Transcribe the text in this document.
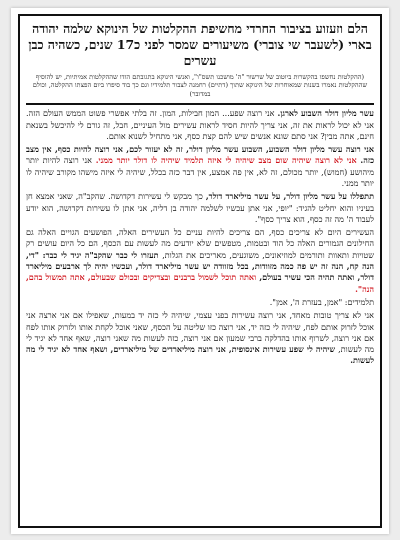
הלם וזעזוע בציבור החרדי מחשיפת ההקלטות של הינוקא שלמה יהודה בארי (לשעבר שי צוברי) משיעורים שמסר לפני כ17 שנים, כשהיה כבן עשרים
(ההקלטות נחשפו בהקשרות ביוטוב של שרשור "ה' מושכנו תשס"ו", ואנשי הינוקא בתגובתם הודו שההקלטות אמיתיות, יש להוסיף שההקלטות נאמרו בשנות שמאוחרות של הינוקא שתוך (דתיים) רחמנה לצבור תלמידיו וגם כך בוד סיפרו ביום הפצתו ההקלטה, וכולם במדובר)

עשר מליון דולר השבוע לארגן. אני רוצה שפע... המון חבילות, המון. זה בלתי אפשרי פשוט הממש העולם הזה. אני לא יכול לראות את זה, אני צריך להיות חסיד לראות עשירים מול העיניים, חבל, זה גורם לי להיכשל בשנאת חינם, אתה מבין? אני סתם שונא אנשים שיש להם קצת כסף, אני מתחיל לשנוא אותם.

אני רוצה עשר מליון דולר השבוע, השבוע עשר מליון דולר, זה לא יעזור לכם, אני רוצה להיות כסף, אין מצב כזה. אני לא רוצה שיהיה שום מצב שיהיה לי איזה תלמיד שיהיה לו דולר יותר ממני. אני רוצה להיות יותר מיהושע (חמוש), יותר מכולם, זה לא, אין פה אמצע, אין דבר כזה בכלל, שיהיה לי איזה מישהו מקורב שיהיה לו יותר ממני.

תתפללו על עשר מליון דולר, על עשר מיליארד דולר, כך מבקש לי עשירות דקדושה. שהקב"ה, שאני אמצא חן בעיניו והוא יחליט להגיד: "יופי, אני אתן עכשיו לשלמה יהודה בן דליה, אני אתן לו עשירות דקדושה, הוא יודע לעבוד ה' מה זה כסף, הוא צריך כסף".

העשירים היום לא צריכים כסף, הם צריכים להיות עניים כל העשירים האלה, הפושעים הגויים האלה גם החילונים הגמורים האלה כל הוד ובטמות, מטפשים שלא יודעים מה לעשות עם הכסף, הם כל היום עושים רק שטויות ותאוות ותורמים למוזיאונים, משוגעים, מאריכים את הגלות, תעזרו לי כבר שהקב"ה יגיד לי כבר: "די, הנה קח, הנה זה יש פה כמה מזוודות, בכל מזוודה יש עשר מיליארד דולר, ועכשיו יהיה לך ארבעים מיליארד דולר, ואתה תהיה הכי עשיר בעולם, ואתה תוכל לשמול ברבנים ובצדיקים ובכולם שבעולם, אתה תמשול בהם, הנה".

תלמידים: "אמן, בעזרת ה', אמן".

אני לא צריך טובות מאחד, אני רוצה עשירות בפני עצמי, שיהיה לי כזה יד במעות, שאפילו אם אני ארצה אני אוכל לזרוק אותם לפח, שיהיה לי כזה יד, אני רוצה כזו שליטה על הכסף, שאני אוכל לקחת אותו ולזרוק אותו לפח אם אני רוצה, לשרוף אותו בהדלקה ברבי שמעון אם אני רוצה, כזה לעשות מה שאני רוצה, שאף אחד לא יגיד לי מה לעשות, שיהיה לי שפע עשירות אינסופית, אני רוצה מיליארדים של מיליארדים, ושאף אחד לא יגיד לי מה לעשות.
